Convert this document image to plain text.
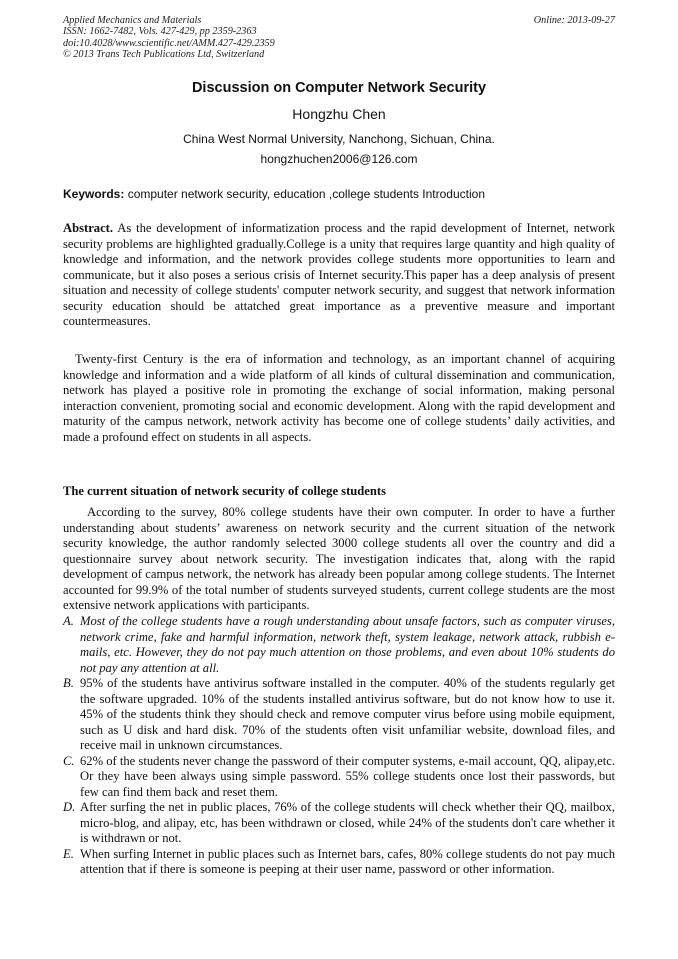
Applied Mechanics and Materials
ISSN: 1662-7482, Vols. 427-429, pp 2359-2363
doi:10.4028/www.scientific.net/AMM.427-429.2359
© 2013 Trans Tech Publications Ltd, Switzerland
Online: 2013-09-27
Discussion on Computer Network Security
Hongzhu Chen
China West Normal University, Nanchong, Sichuan, China.
hongzhuchen2006@126.com
Keywords: computer network security, education ,college students Introduction
Abstract. As the development of informatization process and the rapid development of Internet, network security problems are highlighted gradually.College is a unity that requires large quantity and high quality of knowledge and information, and the network provides college students more opportunities to learn and communicate, but it also poses a serious crisis of Internet security.This paper has a deep analysis of present situation and necessity of college students' computer network security, and suggest that network information security education should be attatched great importance as a preventive measure and important countermeasures.
Twenty-first Century is the era of information and technology, as an important channel of acquiring knowledge and information and a wide platform of all kinds of cultural dissemination and communication, network has played a positive role in promoting the exchange of social information, making personal interaction convenient, promoting social and economic development. Along with the rapid development and maturity of the campus network, network activity has become one of college students’ daily activities, and made a profound effect on students in all aspects.
The current situation of network security of college students
According to the survey, 80% college students have their own computer. In order to have a further understanding about students’ awareness on network security and the current situation of the network security knowledge, the author randomly selected 3000 college students all over the country and did a questionnaire survey about network security. The investigation indicates that, along with the rapid development of campus network, the network has already been popular among college students. The Internet accounted for 99.9% of the total number of students surveyed students, current college students are the most extensive network applications with participants.
A. Most of the college students have a rough understanding about unsafe factors, such as computer viruses, network crime, fake and harmful information, network theft, system leakage, network attack, rubbish e-mails, etc. However, they do not pay much attention on those problems, and even about 10% students do not pay any attention at all.
B. 95% of the students have antivirus software installed in the computer. 40% of the students regularly get the software upgraded. 10% of the students installed antivirus software, but do not know how to use it. 45% of the students think they should check and remove computer virus before using mobile equipment, such as U disk and hard disk. 70% of the students often visit unfamiliar website, download files, and receive mail in unknown circumstances.
C. 62% of the students never change the password of their computer systems, e-mail account, QQ, alipay,etc. Or they have been always using simple password. 55% college students once lost their passwords, but few can find them back and reset them.
D. After surfing the net in public places, 76% of the college students will check whether their QQ, mailbox, micro-blog, and alipay, etc, has been withdrawn or closed, while 24% of the students don't care whether it is withdrawn or not.
E. When surfing Internet in public places such as Internet bars, cafes, 80% college students do not pay much attention that if there is someone is peeping at their user name, password or other information.
